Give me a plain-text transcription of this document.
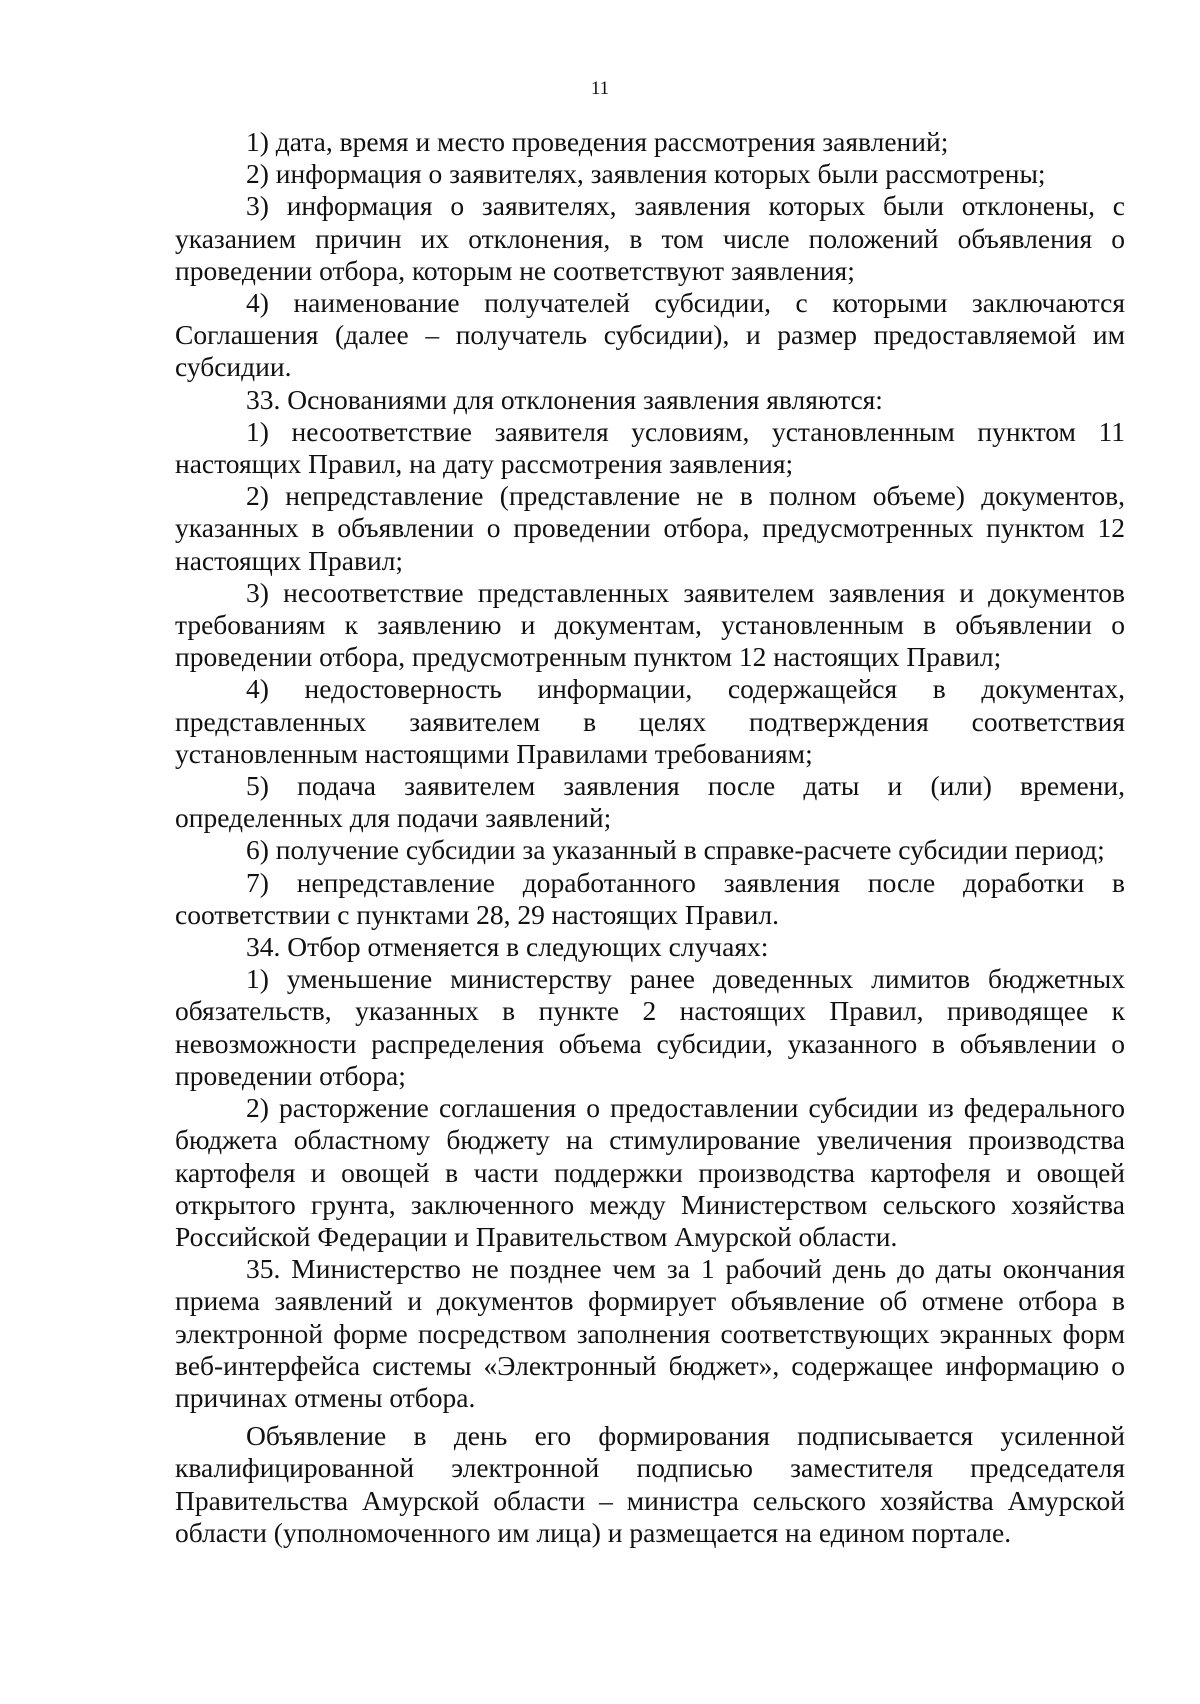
11

1) дата, время и место проведения рассмотрения заявлений;

2) информация о заявителях, заявления которых были рассмотрены;

3) информация о заявителях, заявления которых были отклонены, с указанием причин их отклонения, в том числе положений объявления о проведении отбора, которым не соответствуют заявления;

4) наименование получателей субсидии, с которыми заключаются Соглашения (далее – получатель субсидии), и размер предоставляемой им субсидии.

33. Основаниями для отклонения заявления являются:

1) несоответствие заявителя условиям, установленным пунктом 11 настоящих Правил, на дату рассмотрения заявления;

2) непредставление (представление не в полном объеме) документов, указанных в объявлении о проведении отбора, предусмотренных пунктом 12 настоящих Правил;

3) несоответствие представленных заявителем заявления и документов требованиям к заявлению и документам, установленным в объявлении о проведении отбора, предусмотренным пунктом 12 настоящих Правил;

4) недостоверность информации, содержащейся в документах, представленных заявителем в целях подтверждения соответствия установленным настоящими Правилами требованиям;

5) подача заявителем заявления после даты и (или) времени, определенных для подачи заявлений;

6) получение субсидии за указанный в справке-расчете субсидии период;

7) непредставление доработанного заявления после доработки в соответствии с пунктами 28, 29 настоящих Правил.

34. Отбор отменяется в следующих случаях:

1) уменьшение министерству ранее доведенных лимитов бюджетных обязательств, указанных в пункте 2 настоящих Правил, приводящее к невозможности распределения объема субсидии, указанного в объявлении о проведении отбора;

2) расторжение соглашения о предоставлении субсидии из федерального бюджета областному бюджету на стимулирование увеличения производства картофеля и овощей в части поддержки производства картофеля и овощей открытого грунта, заключенного между Министерством сельского хозяйства Российской Федерации и Правительством Амурской области.

35. Министерство не позднее чем за 1 рабочий день до даты окончания приема заявлений и документов формирует объявление об отмене отбора в электронной форме посредством заполнения соответствующих экранных форм веб-интерфейса системы «Электронный бюджет», содержащее информацию о причинах отмены отбора.

Объявление в день его формирования подписывается усиленной квалифицированной электронной подписью заместителя председателя Правительства Амурской области – министра сельского хозяйства Амурской области (уполномоченного им лица) и размещается на едином портале.
